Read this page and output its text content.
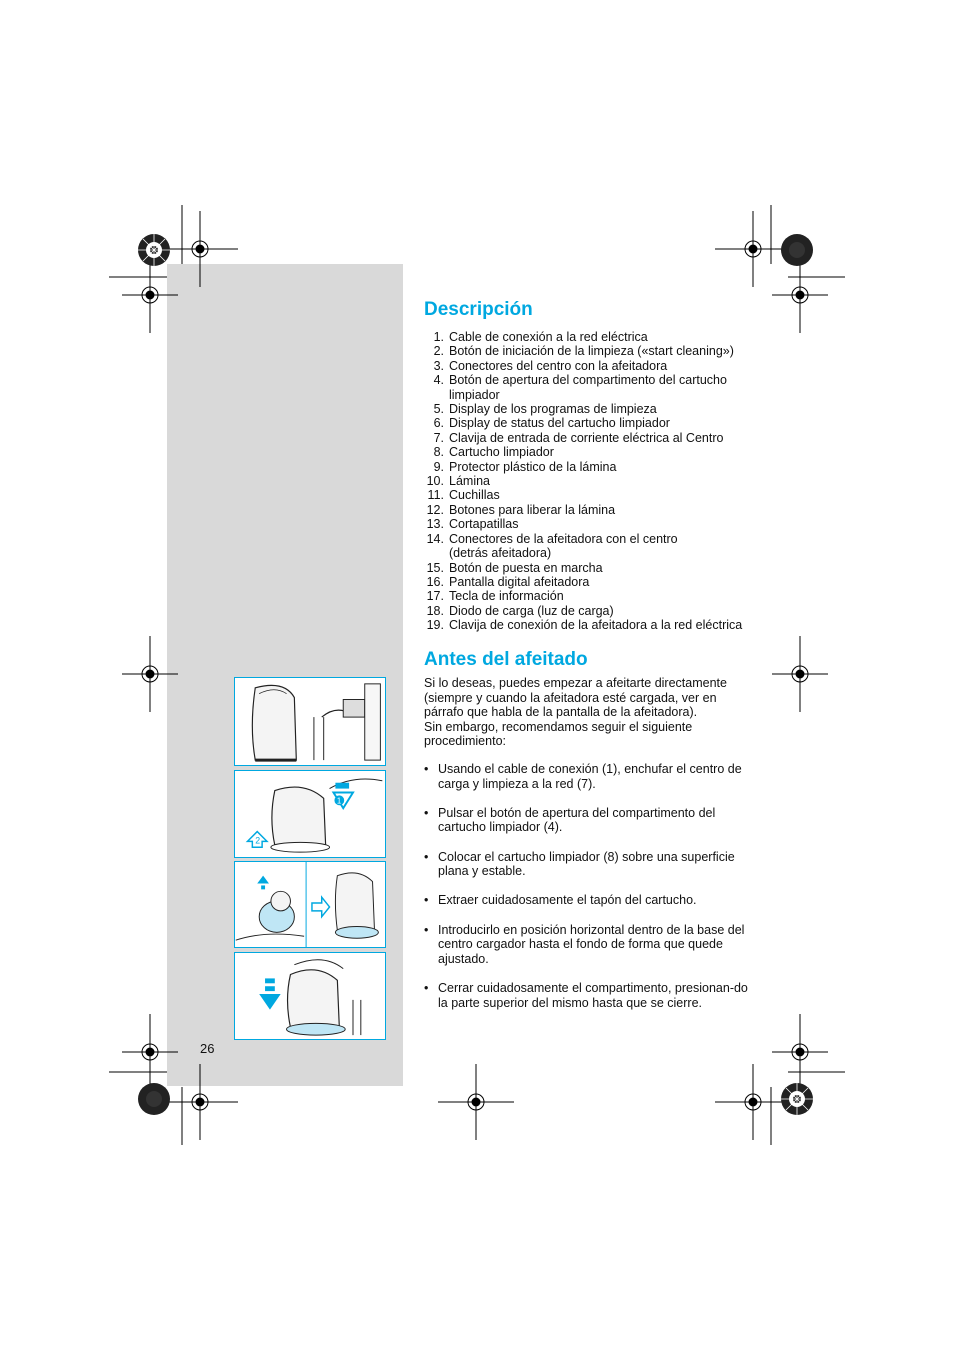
Descripción
1. Cable de conexión a la red eléctrica
2. Botón de iniciación de la limpieza («start cleaning»)
3. Conectores del centro con la afeitadora
4. Botón de apertura del compartimento del cartucho
limpiador
5. Display de los programas de limpieza
6. Display de status del cartucho limpiador
7. Clavija de entrada de corriente eléctrica al Centro
8. Cartucho limpiador
9. Protector plástico de la lámina
10. Lámina
11. Cuchillas
12. Botones para liberar la lámina
13. Cortapatillas
14. Conectores de la afeitadora con el centro
(detrás afeitadora)
15. Botón de puesta en marcha
16. Pantalla digital afeitadora
17. Tecla de información
18. Diodo de carga (luz de carga)
19. Clavija de conexión de la afeitadora a la red eléctrica
Antes del afeitado
Si lo deseas, puedes empezar a afeitarte directamente
(siempre y cuando la afeitadora esté cargada, ver en
párrafo que habla de la pantalla de la afeitadora).
Sin embargo, recomendamos seguir el siguiente
procedimiento:
• Usando el cable de conexión (1), enchufar el centro de carga y limpieza a la red (7).
• Pulsar el botón de apertura del compartimento del cartucho limpiador (4).
• Colocar el cartucho limpiador (8) sobre una superficie plana y estable.
• Extraer cuidadosamente el tapón del cartucho.
• Introducirlo en posición horizontal dentro de la base del centro cargador hasta el fondo de forma que quede ajustado.
• Cerrar cuidadosamente el compartimento, presionan-do la parte superior del mismo hasta que se cierre.
1
2
26
